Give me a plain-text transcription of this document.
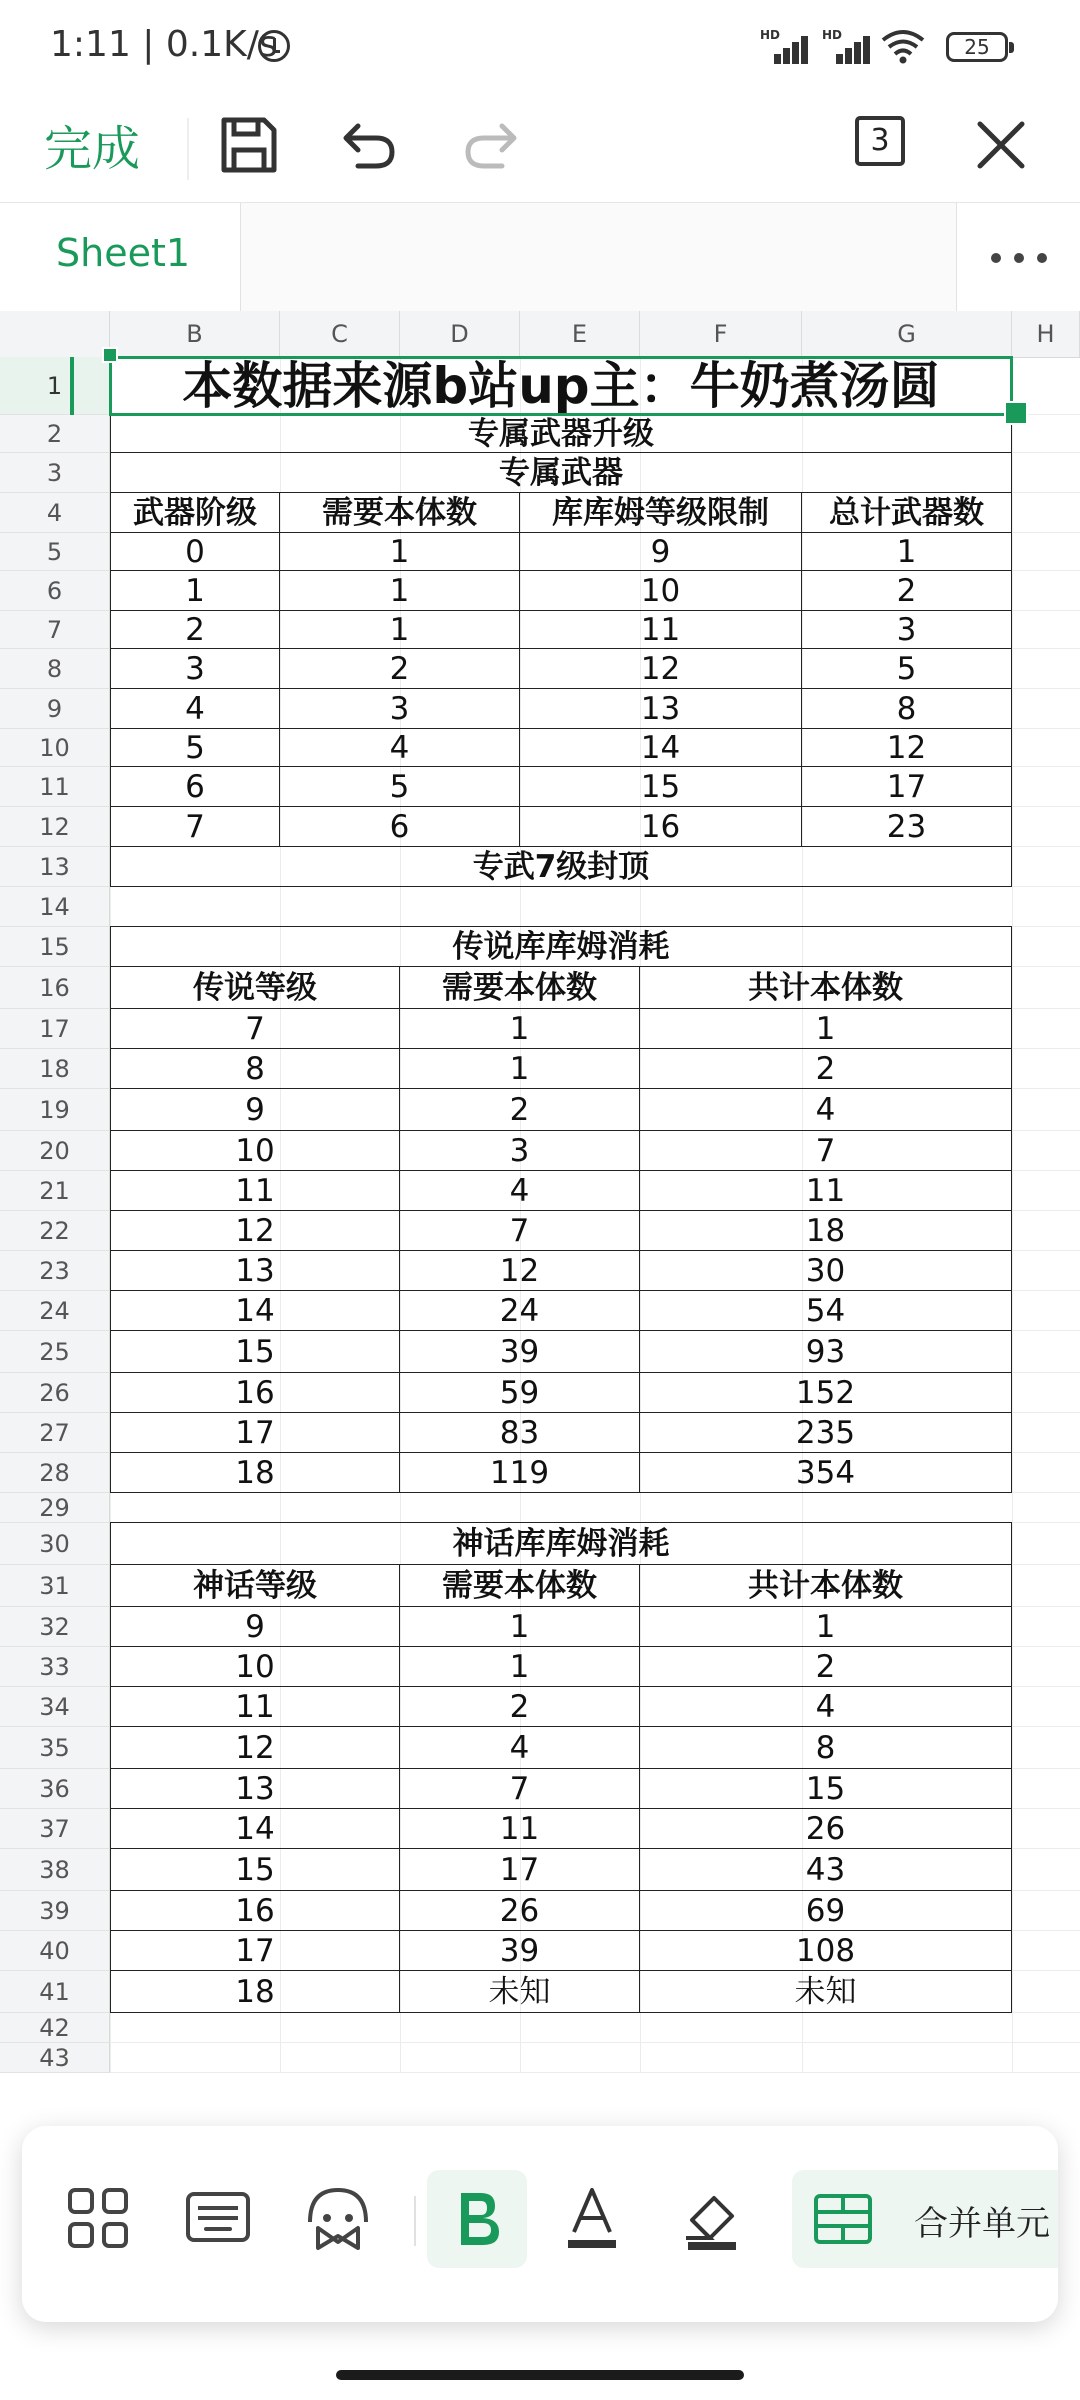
1:11 | 0.1K/s	HD	HD	25
完成	3
Sheet1
B	C	D	E	F	G	H
1
2
3
4
5
6
7
8
9
10
11
12
13
14
15
16
17
18
19
20
21
22
23
24
25
26
27
28
29
30
31
32
33
34
35
36
37
38
39
40
41
42
43
本数据来源b站up主：牛奶煮汤圆
专属武器升级
专属武器
武器阶级	需要本体数	库库姆等级限制	总计武器数
0	1	9	1
1	1	10	2
2	1	11	3
3	2	12	5
4	3	13	8
5	4	14	12
6	5	15	17
7	6	16	23
专武7级封顶
传说库库姆消耗
传说等级	需要本体数	共计本体数
7	1	1
8	1	2
9	2	4
10	3	7
11	4	11
12	7	18
13	12	30
14	24	54
15	39	93
16	59	152
17	83	235
18	119	354
神话库库姆消耗
神话等级	需要本体数	共计本体数
9	1	1
10	1	2
11	2	4
12	4	8
13	7	15
14	11	26
15	17	43
16	26	69
17	39	108
18	未知	未知
合并单元
